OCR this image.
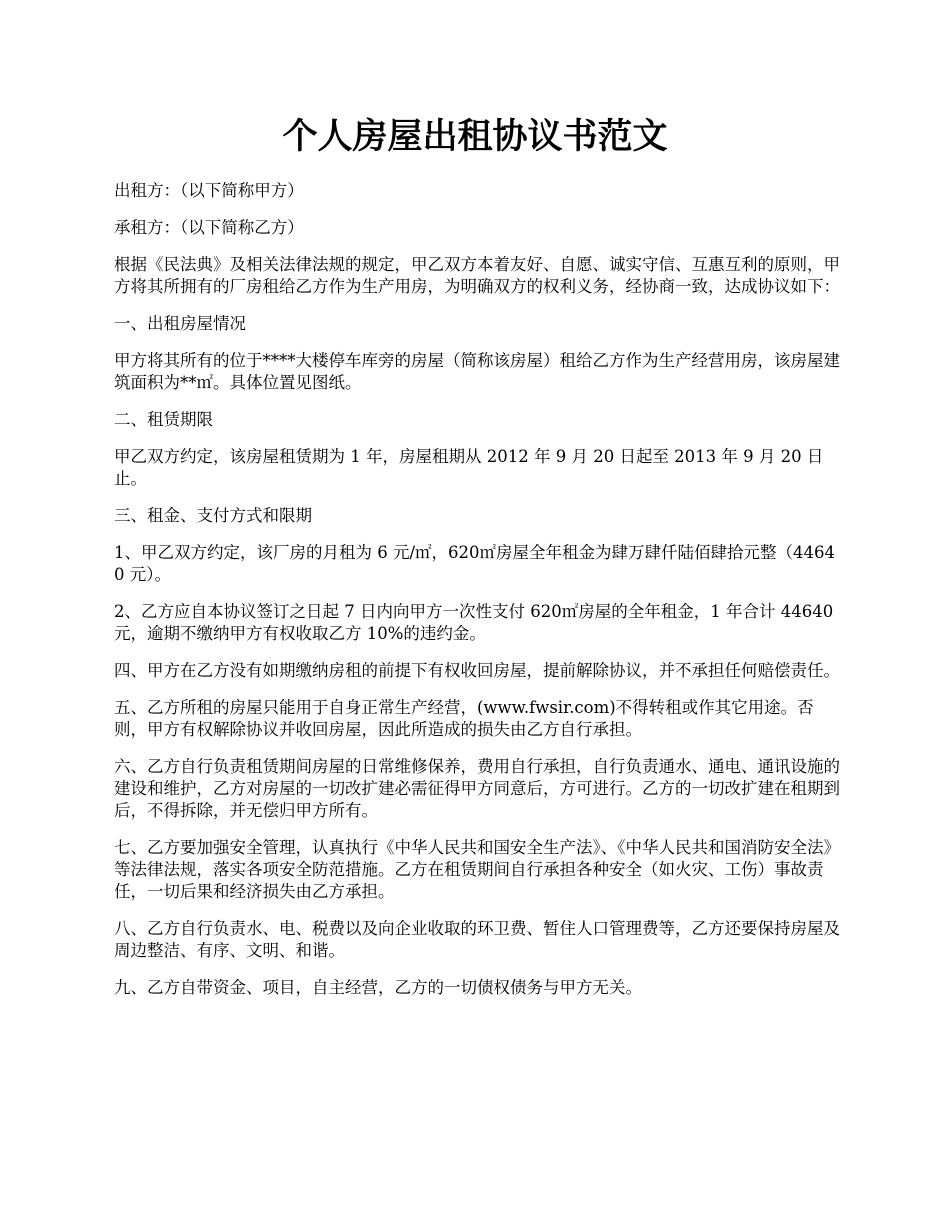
个人房屋出租协议书范文

出租方：（以下简称甲方）

承租方：（以下简称乙方）

根据《民法典》及相关法律法规的规定，甲乙双方本着友好、自愿、诚实守信、互惠互利的原则，甲方将其所拥有的厂房租给乙方作为生产用房，为明确双方的权利义务，经协商一致，达成协议如下：

一、出租房屋情况

甲方将其所有的位于****大楼停车库旁的房屋（简称该房屋）租给乙方作为生产经营用房，该房屋建筑面积为**㎡。具体位置见图纸。

二、租赁期限

甲乙双方约定，该房屋租赁期为 1 年，房屋租期从 2012 年 9 月 20 日起至 2013 年 9 月 20 日止。

三、租金、支付方式和限期

1、甲乙双方约定，该厂房的月租为 6 元/㎡，620㎡房屋全年租金为肆万肆仟陆佰肆拾元整（44640 元）。

2、乙方应自本协议签订之日起 7 日内向甲方一次性支付 620㎡房屋的全年租金，1 年合计 44640 元，逾期不缴纳甲方有权收取乙方 10%的违约金。

四、甲方在乙方没有如期缴纳房租的前提下有权收回房屋，提前解除协议，并不承担任何赔偿责任。

五、乙方所租的房屋只能用于自身正常生产经营，(www.fwsir.com)不得转租或作其它用途。否则，甲方有权解除协议并收回房屋，因此所造成的损失由乙方自行承担。

六、乙方自行负责租赁期间房屋的日常维修保养，费用自行承担，自行负责通水、通电、通讯设施的建设和维护，乙方对房屋的一切改扩建必需征得甲方同意后，方可进行。乙方的一切改扩建在租期到后，不得拆除，并无偿归甲方所有。

七、乙方要加强安全管理，认真执行《中华人民共和国安全生产法》、《中华人民共和国消防安全法》等法律法规，落实各项安全防范措施。乙方在租赁期间自行承担各种安全（如火灾、工伤）事故责任，一切后果和经济损失由乙方承担。

八、乙方自行负责水、电、税费以及向企业收取的环卫费、暂住人口管理费等，乙方还要保持房屋及周边整洁、有序、文明、和谐。

九、乙方自带资金、项目，自主经营，乙方的一切债权债务与甲方无关。
